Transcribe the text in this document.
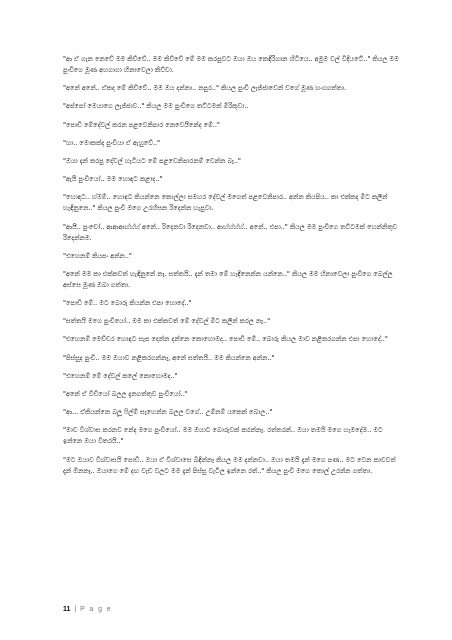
"ආ ඒ ගැන නෙවේ මම කිව්වේ.. මම කිව්වේ මේ මම කරපුවට ඔයා ඔය කෙඳිරිගාන හිටියෙ.. අමුම වල් විදියටේ.." කියල මම පුංචිගෙ මූණ අහගාගා හිනාවෙලා කිව්වා.

"අනේ අනේ.. ඒකද මේ කිව්වේ.. මම ඔය දන්නා.. නපුර.." කියල පුංචි ලැජ්ජාවෙන් වගේ මූණ හංගගත්තා.

"අප්පෝ මෙයාගෙ ලැජ්ජාව.." කියල මම පුංචිගෙ තට්ටමක් මිරිකුවා..

"පොඩී මේදේවල් කරන පළවෙනිපාර නෙවෙයිනේද මේ.."

"හා.. මොකක්ද පුංචියා ඒ ඇහුවේ.."

"ඔයා දැන් කරපු දේවල් හැටියට මේ පළවෙනිපාරනම් වෙන්න බෑ.."

"ඇයි පුංචියෝ.. මම හොඳට කළාද.."

"හොඳට.. හ්මම්.. හොඳට කියන්නෙ කොල්ලා සමහර දේවල් මගෙත් පළවෙනිපාර.. අන්න කියපිය.. කා එක්කද මීට කලින් හැඳිනුනෙ.." කියල පුංචි මගෙ උරහිසක රිදෙන්න හැපුවා.

"ආයී.. පුංචෝ.. ආආආහ්හ්හ් අනේ.. රිදෙනවා රිදෙනවා.. ආහ්හ්හ්හ්.. අනේ.. එපා.." කියල මම පුංචිගෙ තට්ටමක් හෙන්නිතුව රිදෙන්නම.

"එහෙනම් කියපං අන්න.."

"අනේ මම කා එක්කවත් හැඳිනුනේ නෑ. සත්තයි.. දැන් තමා මේ හැඳිනෙන්න යන්නෙ.." කියල මම හිනාවෙලා පුංචිගෙ බෙල්ල අස්සෙ මූණ ඔබා ගත්තා.

"පොඩී මේ.. මට බොරු කියන්න එපා හොදේ.."

"සත්තයි මගෙ පුංචියෝ.. මම කා එක්කවත් මේ දේවල් මීට කලින් කරල නෑ.."

"එහෙනම් මෙච්චර හොඳට සැප දෙන්න දන්නෙ කොහොමද.. පොඩී මේ.. බොරු කියල මාව නළිකරගන්න එපා හොදේ.."

"පිස්සුද පුංචි.. මම ඔයාව නළිකරගන්නෑ, අනේ සත්තයි.. මම කියන්නෙ අන්න.."

"එහෙනම් මේ දේවල් කලේ කොහොමද.."

"අනේ ඒ විඩියෝ බලල දැනගත්තුව පුංචියෝ.."

"ආ... ඒකියන්නෙ බලූ ෆිල්ම් සැහෙන්න බලල වගේ.. උම්නම් යකෙක් බොල.."

"මාව විශ්වාස කරනව නේද මගෙ පුංචියෝ.. මම ඔයාට බොරුවක් කරන්නෑ. රත්තරන්.. ඔයා තමයි මගෙ හැමදේම.. මට ඉන්නෙ ඔයා විතරයි.."

"මට ඔයාව විශ්වාසයි පොඩී.. ඔයා ඒ විශ්වාසෙ බිඳින්නෑ කියල මම දන්නවා.. ඔයා තමයි දැන් මගෙ පණ.. මට වෙන කාවවත් දැන් ඕනනෑ.. ඔයාගෙ මේ දඟ වැඩ වලට මම දැන් පිස්සු වැටිල ඉන්නෙ රත්.." කියල පුංචි මගෙ තොල් උරන්න ගත්තා.

11 | P a g e
